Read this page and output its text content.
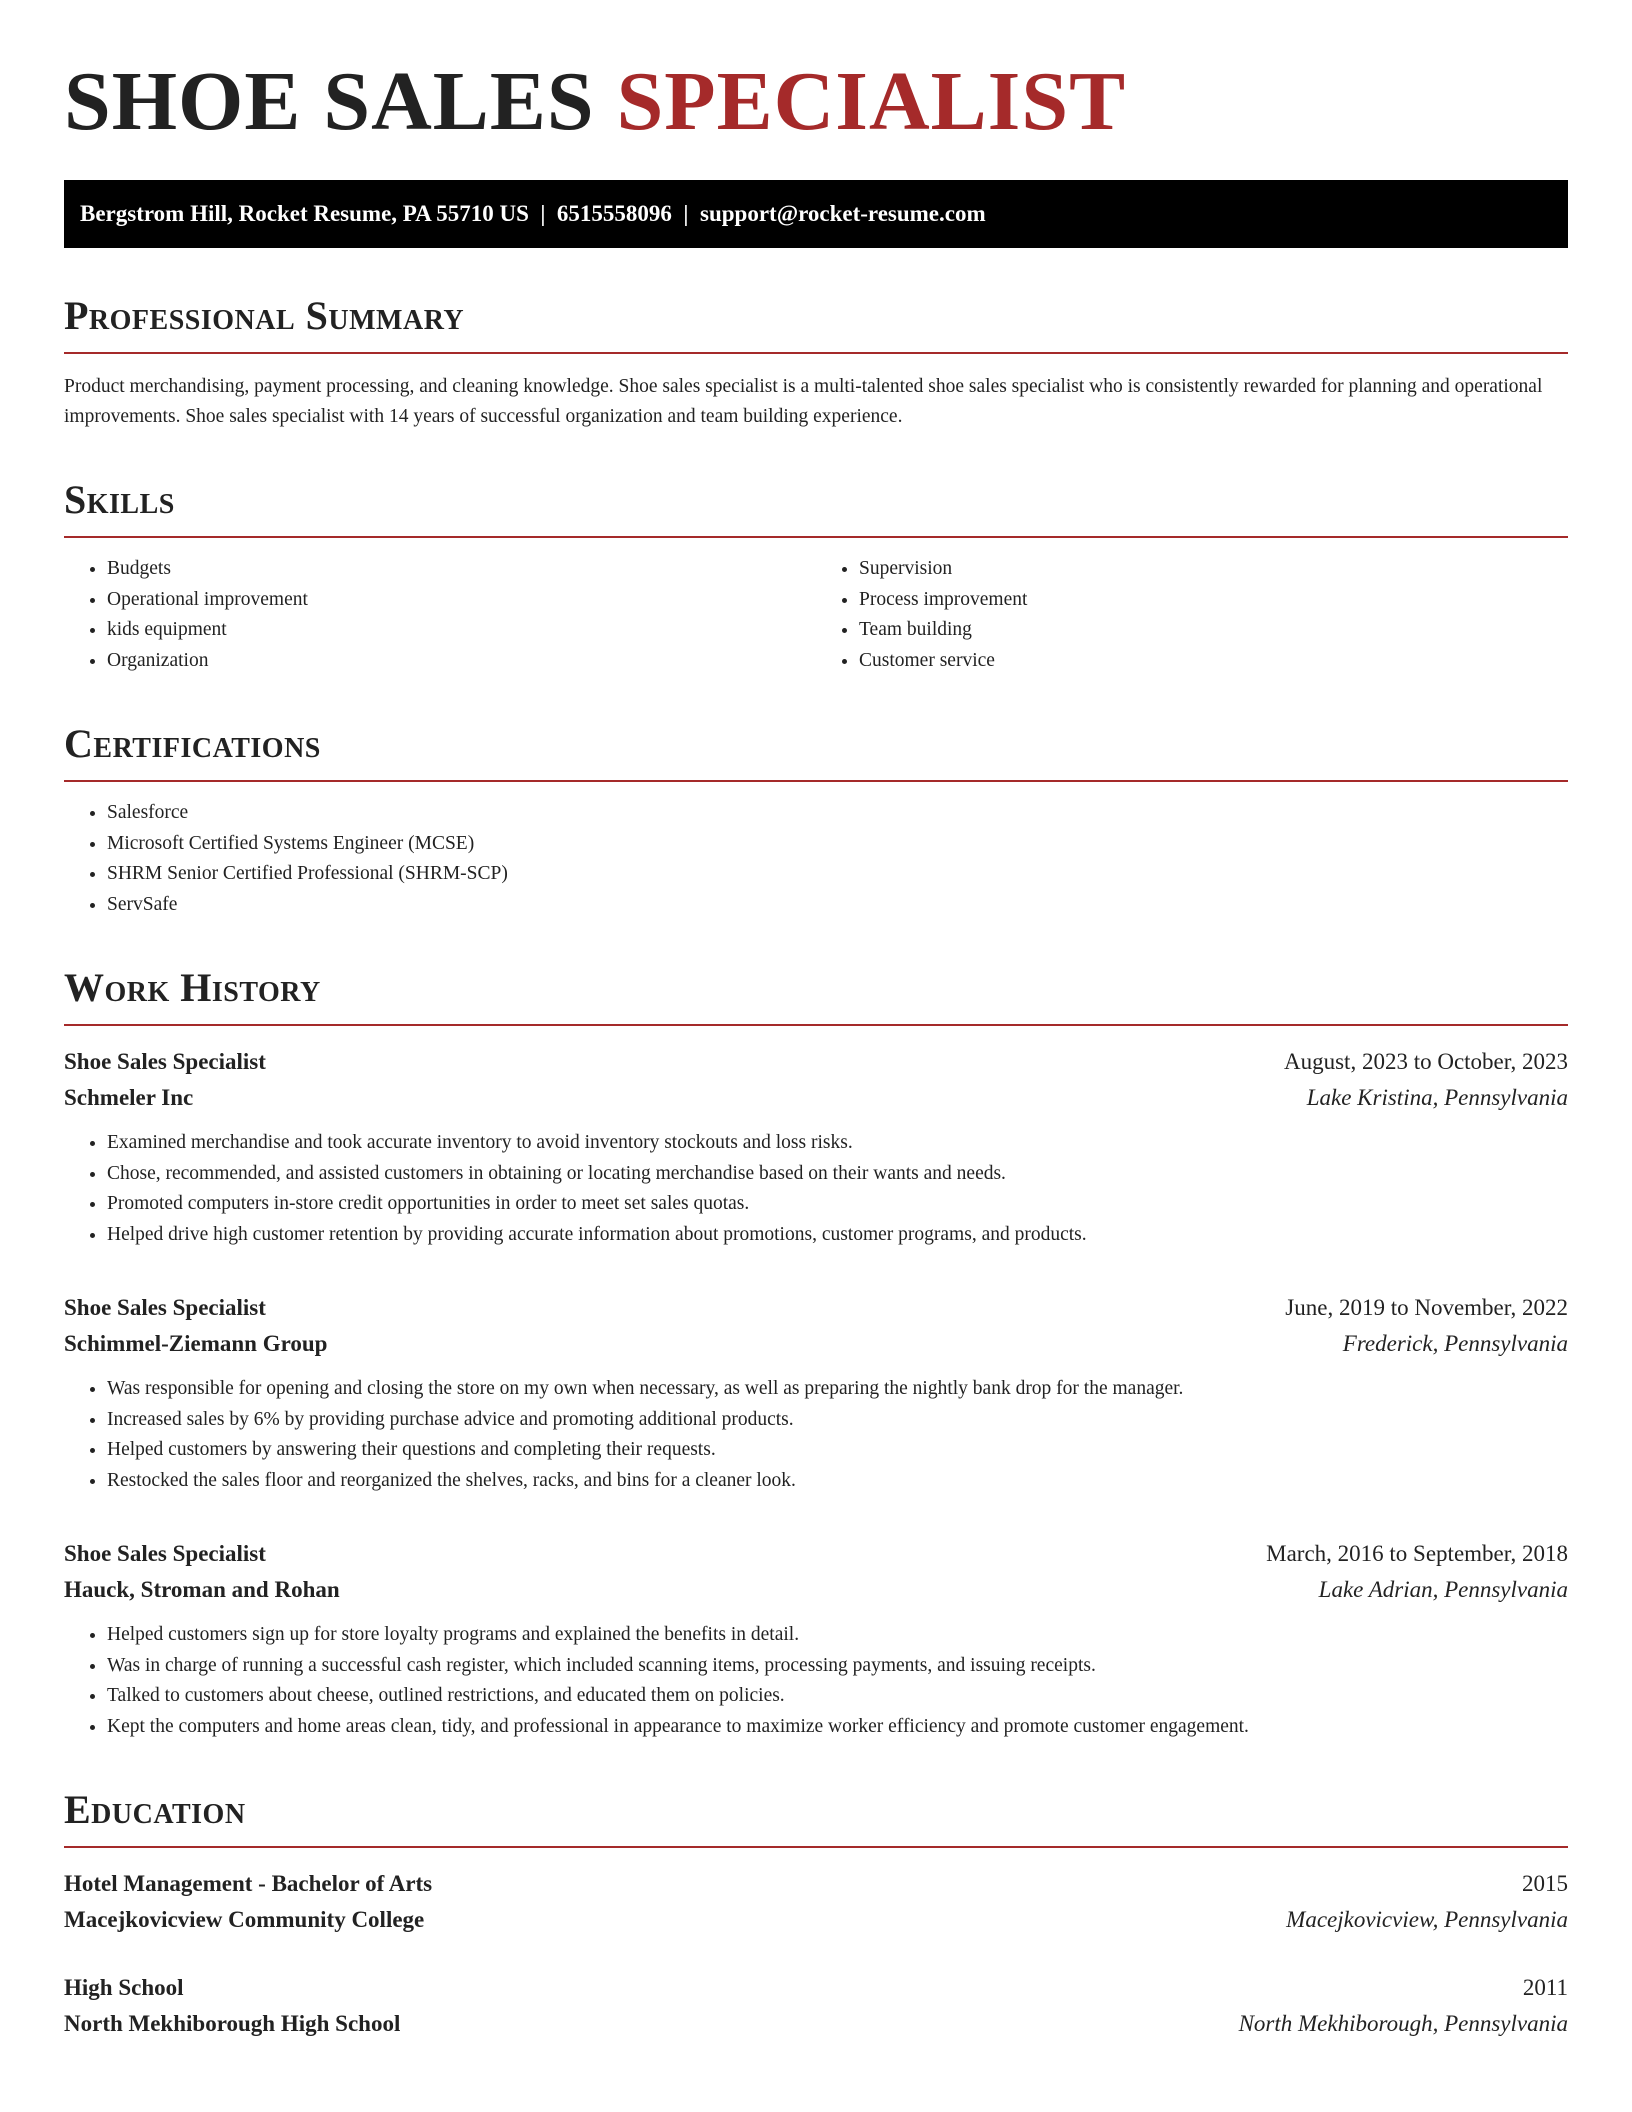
SHOE SALES SPECIALIST
Bergstrom Hill, Rocket Resume, PA 55710 US  |  6515558096  |  support@rocket-resume.com
Professional Summary

Product merchandising, payment processing, and cleaning knowledge. Shoe sales specialist is a multi-talented shoe sales specialist who is consistently rewarded for planning and operational improvements. Shoe sales specialist with 14 years of successful organization and team building experience.

Skills
• Budgets
• Operational improvement
• kids equipment
• Organization
• Supervision
• Process improvement
• Team building
• Customer service
Certifications
• Salesforce
• Microsoft Certified Systems Engineer (MCSE)
• SHRM Senior Certified Professional (SHRM-SCP)
• ServSafe
Work History
Shoe Sales Specialist	August, 2023 to October, 2023
Schmeler Inc	Lake Kristina, Pennsylvania
• Examined merchandise and took accurate inventory to avoid inventory stockouts and loss risks.
• Chose, recommended, and assisted customers in obtaining or locating merchandise based on their wants and needs.
• Promoted computers in-store credit opportunities in order to meet set sales quotas.
• Helped drive high customer retention by providing accurate information about promotions, customer programs, and products.
Shoe Sales Specialist	June, 2019 to November, 2022
Schimmel-Ziemann Group	Frederick, Pennsylvania
• Was responsible for opening and closing the store on my own when necessary, as well as preparing the nightly bank drop for the manager.
• Increased sales by 6% by providing purchase advice and promoting additional products.
• Helped customers by answering their questions and completing their requests.
• Restocked the sales floor and reorganized the shelves, racks, and bins for a cleaner look.
Shoe Sales Specialist	March, 2016 to September, 2018
Hauck, Stroman and Rohan	Lake Adrian, Pennsylvania
• Helped customers sign up for store loyalty programs and explained the benefits in detail.
• Was in charge of running a successful cash register, which included scanning items, processing payments, and issuing receipts.
• Talked to customers about cheese, outlined restrictions, and educated them on policies.
• Kept the computers and home areas clean, tidy, and professional in appearance to maximize worker efficiency and promote customer engagement.
Education
Hotel Management - Bachelor of Arts	2015
Macejkovicview Community College	Macejkovicview, Pennsylvania
High School	2011
North Mekhiborough High School	North Mekhiborough, Pennsylvania
